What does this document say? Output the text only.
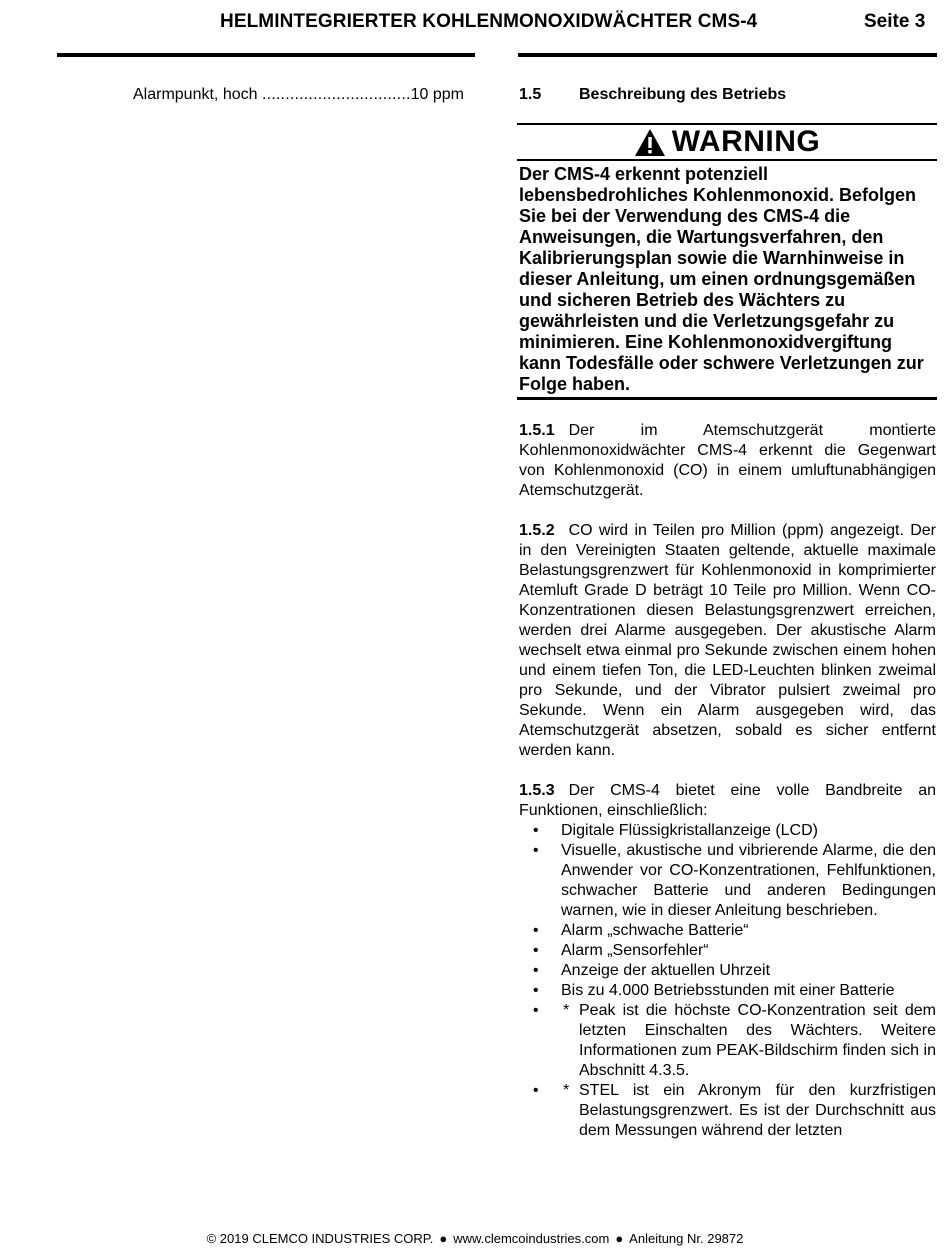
HELMINTEGRIERTER KOHLENMONOXIDWÄCHTER CMS-4	Seite 3
Alarmpunkt, hoch ................................10 ppm	1.5	Beschreibung des Betriebs
WARNING
Der CMS-4 erkennt potenziell lebensbedrohliches Kohlenmonoxid. Befolgen Sie bei der Verwendung des CMS-4 die Anweisungen, die Wartungsverfahren, den Kalibrierungsplan sowie die Warnhinweise in dieser Anleitung, um einen ordnungsgemäßen und sicheren Betrieb des Wächters zu gewährleisten und die Verletzungsgefahr zu minimieren. Eine Kohlenmonoxidvergiftung kann Todesfälle oder schwere Verletzungen zur Folge haben.
1.5.1 Der im Atemschutzgerät montierte Kohlenmonoxidwächter CMS-4 erkennt die Gegenwart von Kohlenmonoxid (CO) in einem umluftunabhängigen Atemschutzgerät.
1.5.2 CO wird in Teilen pro Million (ppm) angezeigt. Der in den Vereinigten Staaten geltende, aktuelle maximale Belastungsgrenzwert für Kohlenmonoxid in komprimierter Atemluft Grade D beträgt 10 Teile pro Million. Wenn CO-Konzentrationen diesen Belastungsgrenzwert erreichen, werden drei Alarme ausgegeben. Der akustische Alarm wechselt etwa einmal pro Sekunde zwischen einem hohen und einem tiefen Ton, die LED-Leuchten blinken zweimal pro Sekunde, und der Vibrator pulsiert zweimal pro Sekunde. Wenn ein Alarm ausgegeben wird, das Atemschutzgerät absetzen, sobald es sicher entfernt werden kann.
1.5.3 Der CMS-4 bietet eine volle Bandbreite an Funktionen, einschließlich:
• Digitale Flüssigkristallanzeige (LCD)
• Visuelle, akustische und vibrierende Alarme, die den Anwender vor CO-Konzentrationen, Fehlfunktionen, schwacher Batterie und anderen Bedingungen warnen, wie in dieser Anleitung beschrieben.
• Alarm „schwache Batterie“
• Alarm „Sensorfehler“
• Anzeige der aktuellen Uhrzeit
• Bis zu 4.000 Betriebsstunden mit einer Batterie
• * Peak ist die höchste CO-Konzentration seit dem letzten Einschalten des Wächters. Weitere Informationen zum PEAK-Bildschirm finden sich in Abschnitt 4.3.5.
• * STEL ist ein Akronym für den kurzfristigen Belastungsgrenzwert. Es ist der Durchschnitt aus dem Messungen während der letzten
© 2019 CLEMCO INDUSTRIES CORP. ● www.clemcoindustries.com ● Anleitung Nr. 29872
